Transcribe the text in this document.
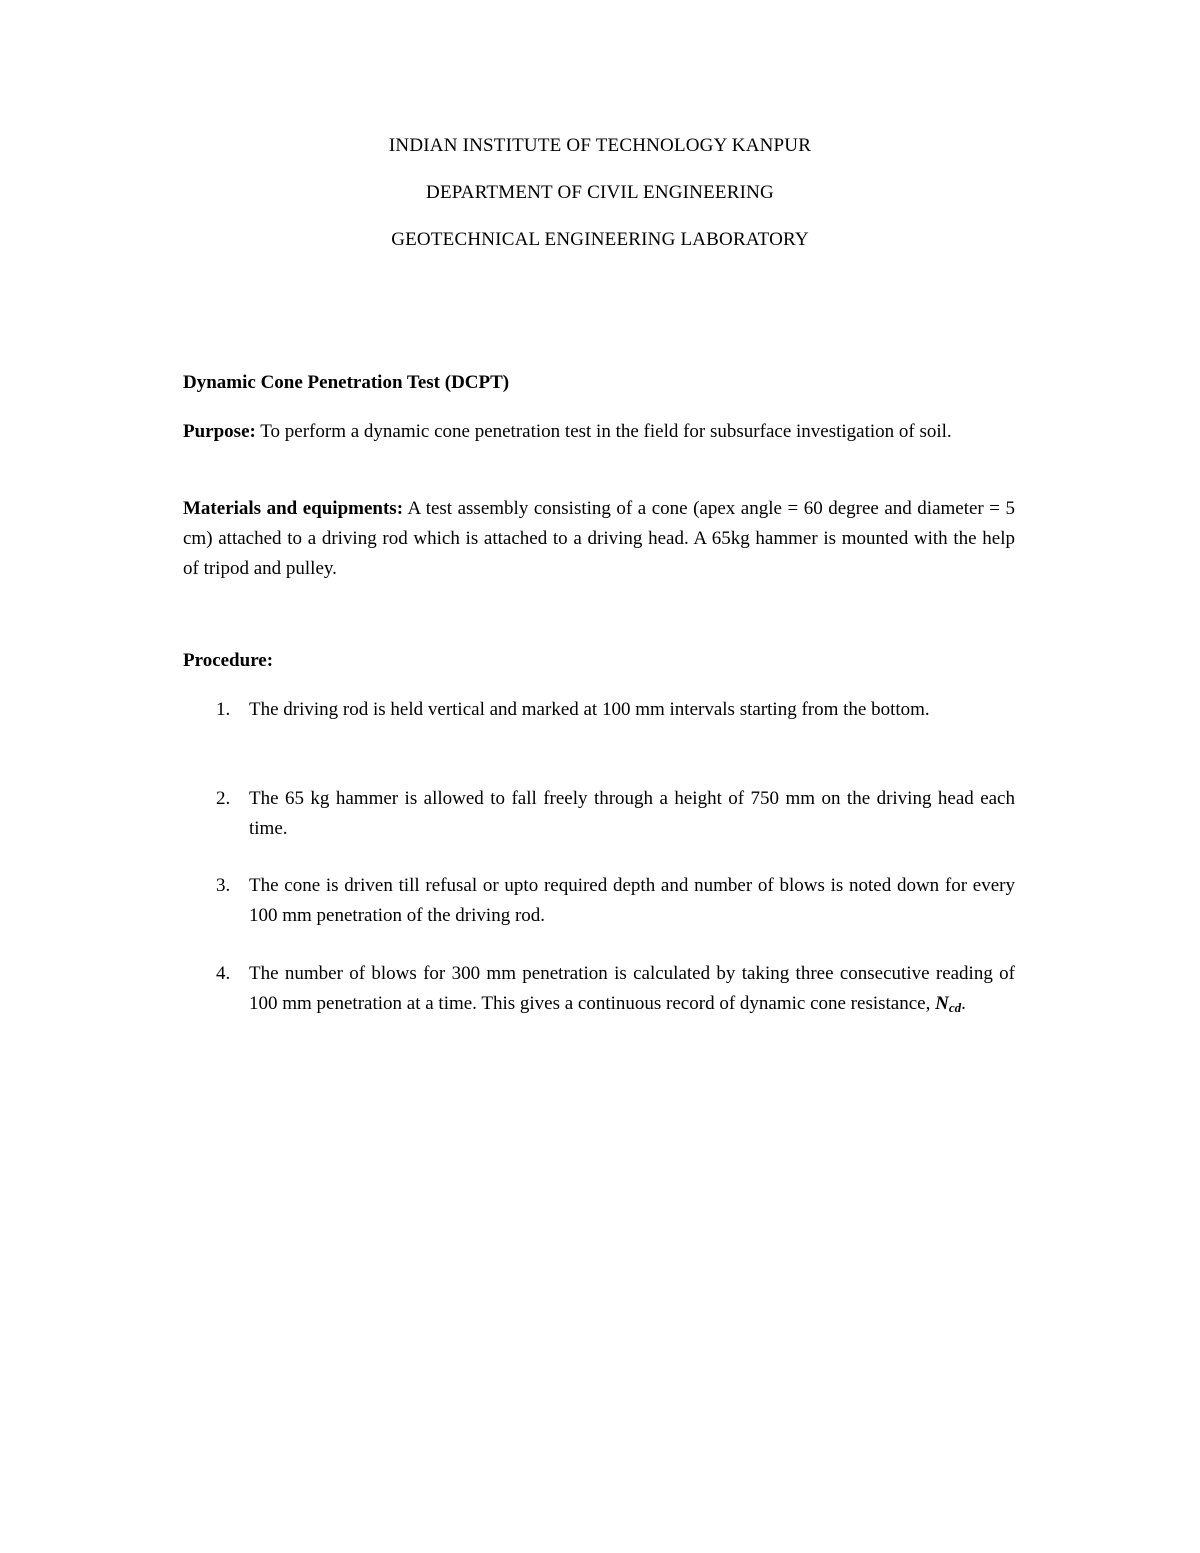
INDIAN INSTITUTE OF TECHNOLOGY KANPUR
DEPARTMENT OF CIVIL ENGINEERING
GEOTECHNICAL ENGINEERING LABORATORY
Dynamic Cone Penetration Test (DCPT)
Purpose: To perform a dynamic cone penetration test in the field for subsurface investigation of soil.
Materials and equipments: A test assembly consisting of a cone (apex angle = 60 degree and diameter = 5 cm) attached to a driving rod which is attached to a driving head. A 65kg hammer is mounted with the help of tripod and pulley.
Procedure:
1. The driving rod is held vertical and marked at 100 mm intervals starting from the bottom.
2. The 65 kg hammer is allowed to fall freely through a height of 750 mm on the driving head each time.
3. The cone is driven till refusal or upto required depth and number of blows is noted down for every 100 mm penetration of the driving rod.
4. The number of blows for 300 mm penetration is calculated by taking three consecutive reading of 100 mm penetration at a time. This gives a continuous record of dynamic cone resistance, Ncd.
